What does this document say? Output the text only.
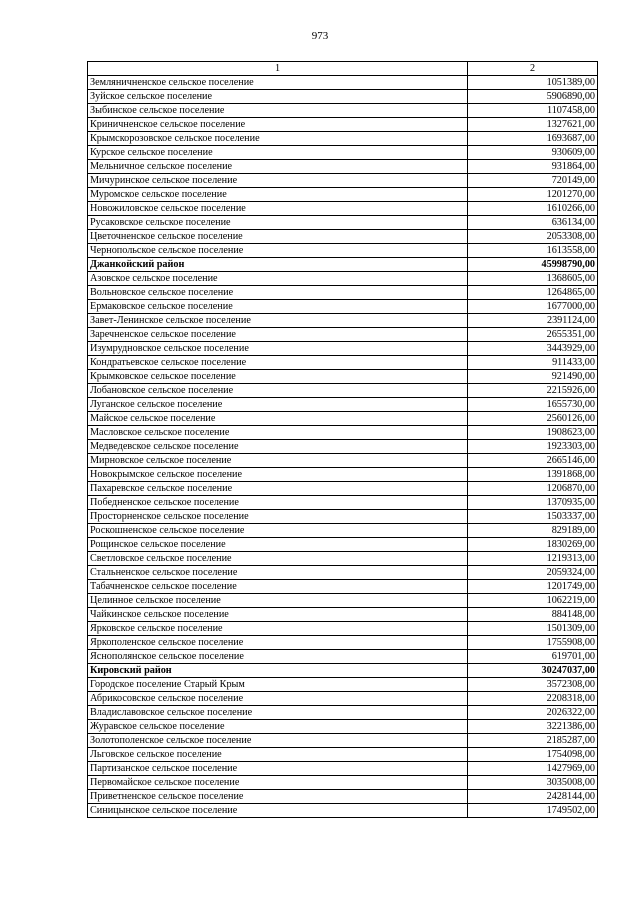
973
1	2
Земляничненское сельское поселение	1051389,00
Зуйское сельское поселение	5906890,00
Зыбинское сельское поселение	1107458,00
Криничненское сельское поселение	1327621,00
Крымскорозовское сельское поселение	1693687,00
Курское сельское поселение	930609,00
Мельничное сельское поселение	931864,00
Мичуринское сельское поселение	720149,00
Муромское сельское поселение	1201270,00
Новожиловское сельское поселение	1610266,00
Русаковское сельское поселение	636134,00
Цветочненское сельское поселение	2053308,00
Чернопольское сельское поселение	1613558,00
Джанкойский район	45998790,00
Азовское сельское поселение	1368605,00
Вольновское сельское поселение	1264865,00
Ермаковское сельское поселение	1677000,00
Завет-Ленинское сельское поселение	2391124,00
Заречненское сельское поселение	2655351,00
Изумрудновское сельское поселение	3443929,00
Кондратьевское сельское поселение	911433,00
Крымковское сельское поселение	921490,00
Лобановское сельское поселение	2215926,00
Луганское сельское поселение	1655730,00
Майское сельское поселение	2560126,00
Масловское сельское поселение	1908623,00
Медведевское сельское поселение	1923303,00
Мирновское сельское поселение	2665146,00
Новокрымское сельское поселение	1391868,00
Пахаревское сельское поселение	1206870,00
Победненское сельское поселение	1370935,00
Просторненское сельское поселение	1503337,00
Роскошненское сельское поселение	829189,00
Рощинское сельское поселение	1830269,00
Светловское сельское поселение	1219313,00
Стальненское сельское поселение	2059324,00
Табачненское сельское поселение	1201749,00
Целинное сельское поселение	1062219,00
Чайкинское сельское поселение	884148,00
Ярковское сельское поселение	1501309,00
Яркополенское сельское поселение	1755908,00
Яснополянское сельское поселение	619701,00
Кировский район	30247037,00
Городское поселение Старый Крым	3572308,00
Абрикосовское сельское поселение	2208318,00
Владиславовское сельское поселение	2026322,00
Журавское сельское поселение	3221386,00
Золотополенское сельское поселение	2185287,00
Льговское сельское поселение	1754098,00
Партизанское сельское поселение	1427969,00
Первомайское сельское поселение	3035008,00
Приветненское сельское поселение	2428144,00
Синицынское сельское поселение	1749502,00
